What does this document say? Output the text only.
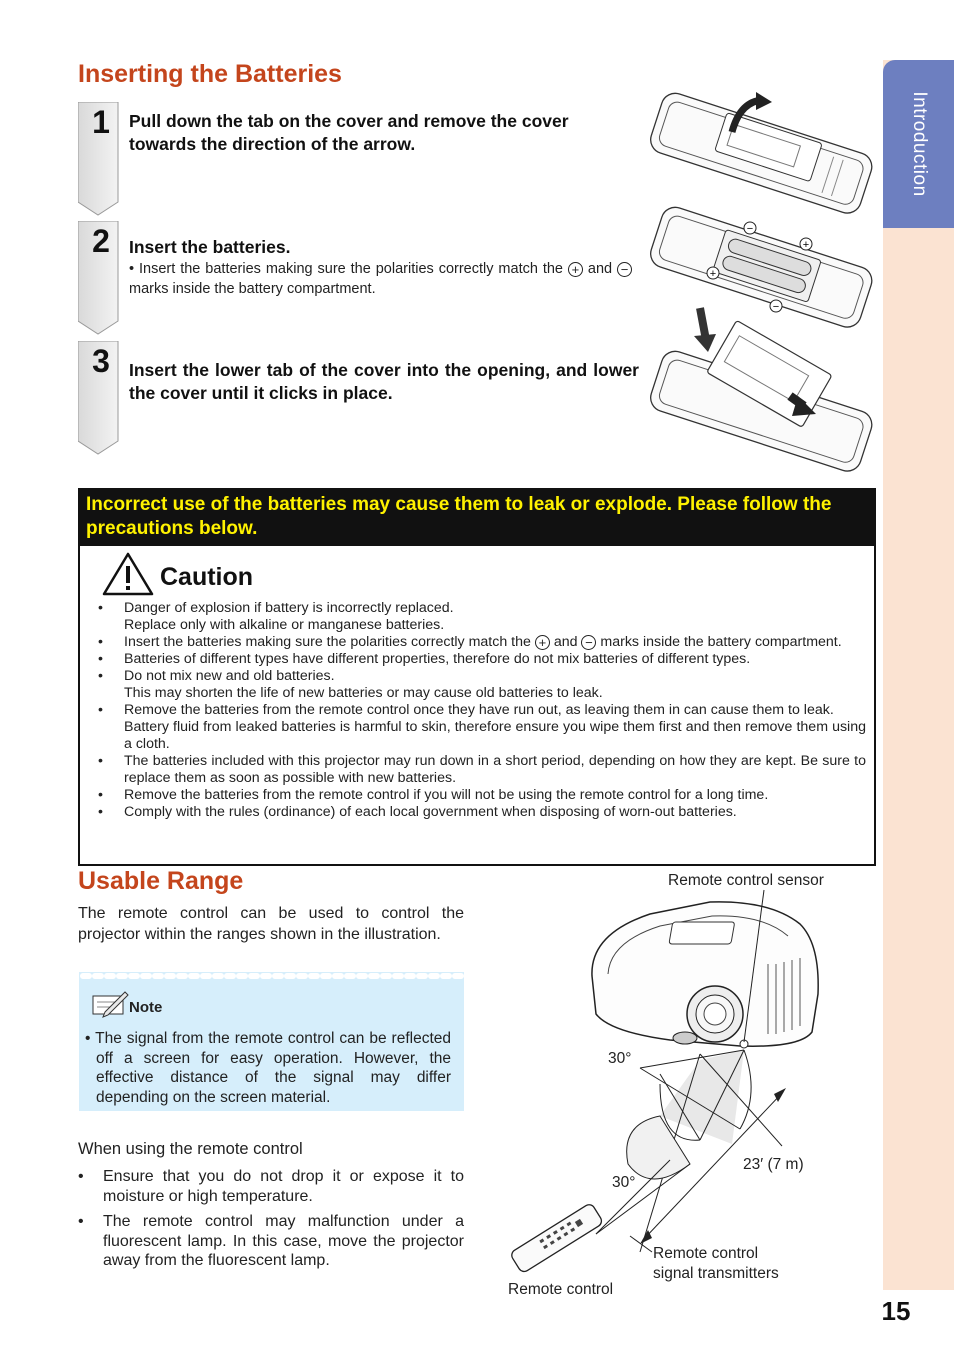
Introduction
15
Inserting the Batteries
1	Pull down the tab on the cover and remove the cover towards the direction of the arrow.
2	Insert the batteries.
• Insert the batteries making sure the polarities correctly match the + and − marks inside the battery compartment.
3	Insert the lower tab of the cover into the opening, and lower the cover until it clicks in place.
−
+
+
−
Incorrect use of the batteries may cause them to leak or explode. Please follow the precautions below.
Caution
• Danger of explosion if battery is incorrectly replaced.
Replace only with alkaline or manganese batteries.
• Insert the batteries making sure the polarities correctly match the + and − marks inside the battery compartment.
• Batteries of different types have different properties, therefore do not mix batteries of different types.
• Do not mix new and old batteries.
This may shorten the life of new batteries or may cause old batteries to leak.
• Remove the batteries from the remote control once they have run out, as leaving them in can cause them to leak.
Battery fluid from leaked batteries is harmful to skin, therefore ensure you wipe them first and then remove them using a cloth.
• The batteries included with this projector may run down in a short period, depending on how they are kept. Be sure to replace them as soon as possible with new batteries.
• Remove the batteries from the remote control if you will not be using the remote control for a long time.
• Comply with the rules (ordinance) of each local government when disposing of worn-out batteries.
Usable Range
The remote control can be used to control the projector within the ranges shown in the illustration.
Note
• The signal from the remote control can be reflected off a screen for easy operation. However, the effective distance of the signal may differ depending on the screen material.
When using the remote control
• Ensure that you do not drop it or expose it to moisture or high temperature.
• The remote control may malfunction under a fluorescent lamp. In this case, move the projector away from the fluorescent lamp.
Remote control sensor
30°
30°
23′ (7 m)
Remote control
signal transmitters
Remote control
